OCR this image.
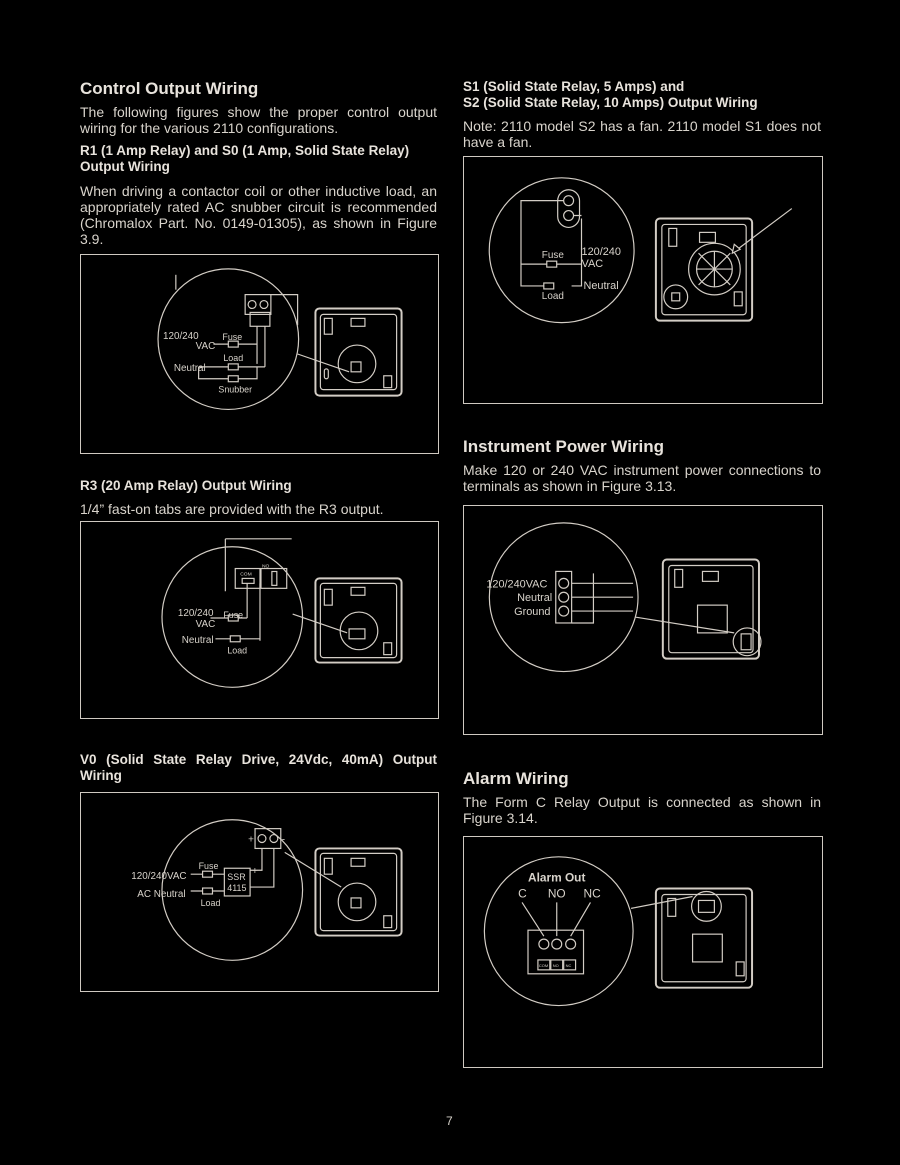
Control Output Wiring

The following figures show the proper control output wiring for the various 2110 configurations.

R1 (1 Amp Relay) and S0 (1 Amp, Solid State Relay) Output Wiring

When driving a contactor coil or other inductive load, an appropriately rated AC snubber circuit is recommended (Chromalox Part. No. 0149-01305), as shown in Figure 3.9.

120/240
VAC
Fuse
Load
Neutral
Snubber
R3 (20 Amp Relay) Output Wiring

1/4” fast-on tabs are provided with the R3 output.

COM
NO
120/240
VAC
Fuse
Neutral
Load
V0 (Solid State Relay Drive, 24Vdc, 40mA) Output Wiring
+	-
SSR
4115
+
-
120/240VAC
AC Neutral
Fuse
Load
S1 (Solid State Relay, 5 Amps) and
S2 (Solid State Relay, 10 Amps) Output Wiring

Note: 2110 model S2 has a fan. 2110 model S1 does not have a fan.

Fuse 120/240
VAC
Neutral
Load
Instrument Power Wiring

Make 120 or 240 VAC instrument power connections to terminals as shown in Figure 3.13.

120/240VAC
Neutral
Ground
Alarm Wiring

The Form C Relay Output is connected as shown in Figure 3.14.

Alarm Out
C NO NC
COM NO NC
7
